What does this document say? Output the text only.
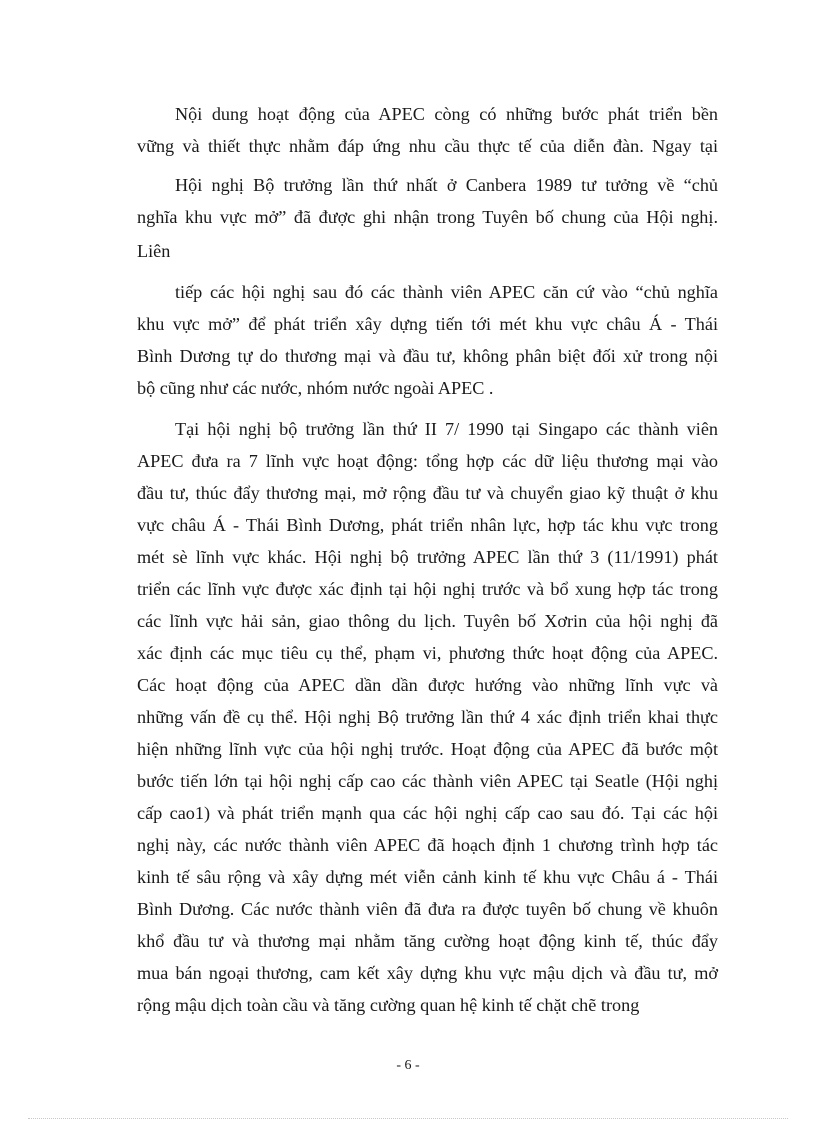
Nội dung hoạt động của APEC còng có những bước phát triển bền
vững và thiết thực nhằm đáp ứng nhu cầu thực tế của diễn đàn. Ngay tại
Hội nghị Bộ trưởng lần thứ nhất ở Canbera 1989 tư tưởng về “chủ
nghĩa khu vực mở” đã được ghi nhận trong Tuyên bố chung của Hội nghị.
Liên
tiếp các hội nghị sau đó các thành viên APEC căn cứ vào “chủ nghĩa
khu vực mở” để phát triển xây dựng tiến tới mét khu vực châu Á - Thái
Bình Dương tự do thương mại và đầu tư, không phân biệt đối xử trong nội
bộ cũng như các nước, nhóm nước ngoài APEC .
Tại hội nghị bộ trưởng lần thứ II 7/ 1990 tại Singapo các thành viên
APEC đưa ra 7 lĩnh vực hoạt động: tổng hợp các dữ liệu thương mại vào
đầu tư, thúc đẩy thương mại, mở rộng đầu tư và chuyển giao kỹ thuật ở khu
vực châu Á - Thái Bình Dương, phát triển nhân lực, hợp tác khu vực trong
mét sè lĩnh vực khác. Hội nghị bộ trưởng APEC lần thứ 3 (11/1991) phát
triển các lĩnh vực được xác định tại hội nghị trước và bổ xung hợp tác trong
các lĩnh vực hải sản, giao thông du lịch. Tuyên bố Xơrin của hội nghị đã
xác định các mục tiêu cụ thể, phạm vi, phương thức hoạt động của APEC.
Các hoạt động của APEC dần dần được hướng vào những lĩnh vực và
những vấn đề cụ thể. Hội nghị Bộ trưởng lần thứ 4 xác định triển khai thực
hiện những lĩnh vực của hội nghị trước. Hoạt động của APEC đã bước một
bước tiến lớn tại hội nghị cấp cao các thành viên APEC tại Seatle (Hội nghị
cấp cao1) và phát triển mạnh qua các hội nghị cấp cao sau đó. Tại các hội
nghị này, các nước thành viên APEC đã hoạch định 1 chương trình hợp tác
kinh tế sâu rộng và xây dựng mét viễn cảnh kinh tế khu vực Châu á - Thái
Bình Dương. Các nước thành viên đã đưa ra được tuyên bố chung về khuôn
khổ đầu tư và thương mại nhằm tăng cường hoạt động kinh tế, thúc đẩy
mua bán ngoại thương, cam kết xây dựng khu vực mậu dịch và đầu tư, mở
rộng mậu dịch toàn cầu và tăng cường quan hệ kinh tế chặt chẽ trong
- 6 -
